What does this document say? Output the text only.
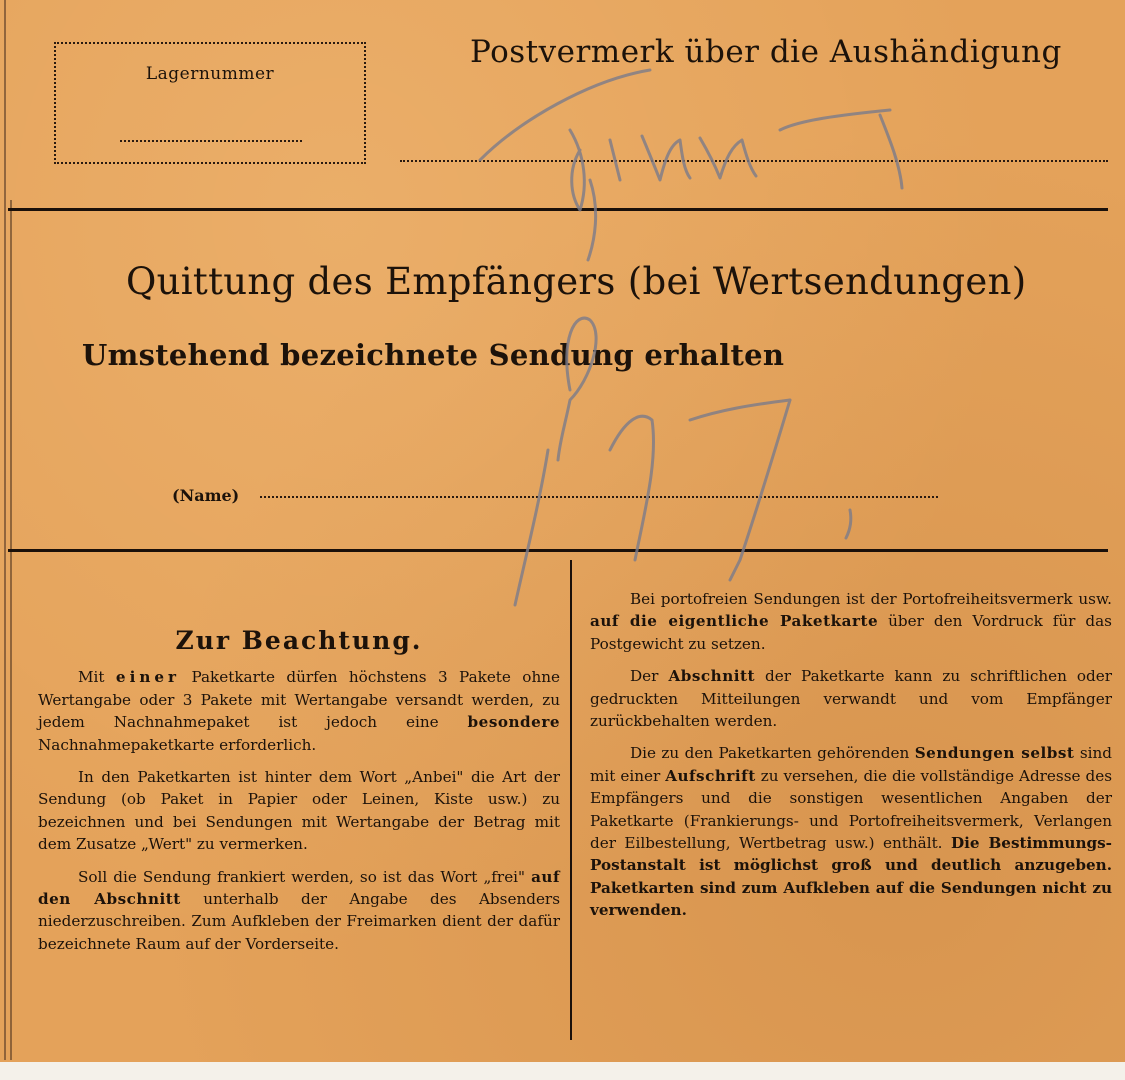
Lagernummer
Postvermerk über die Aushändigung
Quittung des Empfängers (bei Wertsendungen)
Umstehend bezeichnete Sendung erhalten
(Name)
Zur Beachtung.

Mit einer Paketkarte dürfen höchstens 3 Pakete ohne Wertangabe oder 3 Pakete mit Wertangabe versandt werden, zu jedem Nachnahmepaket ist jedoch eine besondere Nachnahmepaketkarte erforderlich.

In den Paketkarten ist hinter dem Wort „Anbei" die Art der Sendung (ob Paket in Papier oder Leinen, Kiste usw.) zu bezeichnen und bei Sendungen mit Wertangabe der Betrag mit dem Zusatze „Wert" zu vermerken.

Soll die Sendung frankiert werden, so ist das Wort „frei" auf den Abschnitt unterhalb der Angabe des Absenders niederzuschreiben. Zum Aufkleben der Freimarken dient der dafür bezeichnete Raum auf der Vorderseite.

Bei portofreien Sendungen ist der Portofreiheitsvermerk usw. auf die eigentliche Paketkarte über den Vordruck für das Postgewicht zu setzen.

Der Abschnitt der Paketkarte kann zu schriftlichen oder gedruckten Mitteilungen verwandt und vom Empfänger zurückbehalten werden.

Die zu den Paketkarten gehörenden Sendungen selbst sind mit einer Aufschrift zu versehen, die die vollständige Adresse des Empfängers und die sonstigen wesentlichen Angaben der Paketkarte (Frankierungs- und Portofreiheitsvermerk, Verlangen der Eilbestellung, Wertbetrag usw.) enthält. Die Bestimmungs-Postanstalt ist möglichst groß und deutlich anzugeben. Paketkarten sind zum Aufkleben auf die Sendungen nicht zu verwenden.
